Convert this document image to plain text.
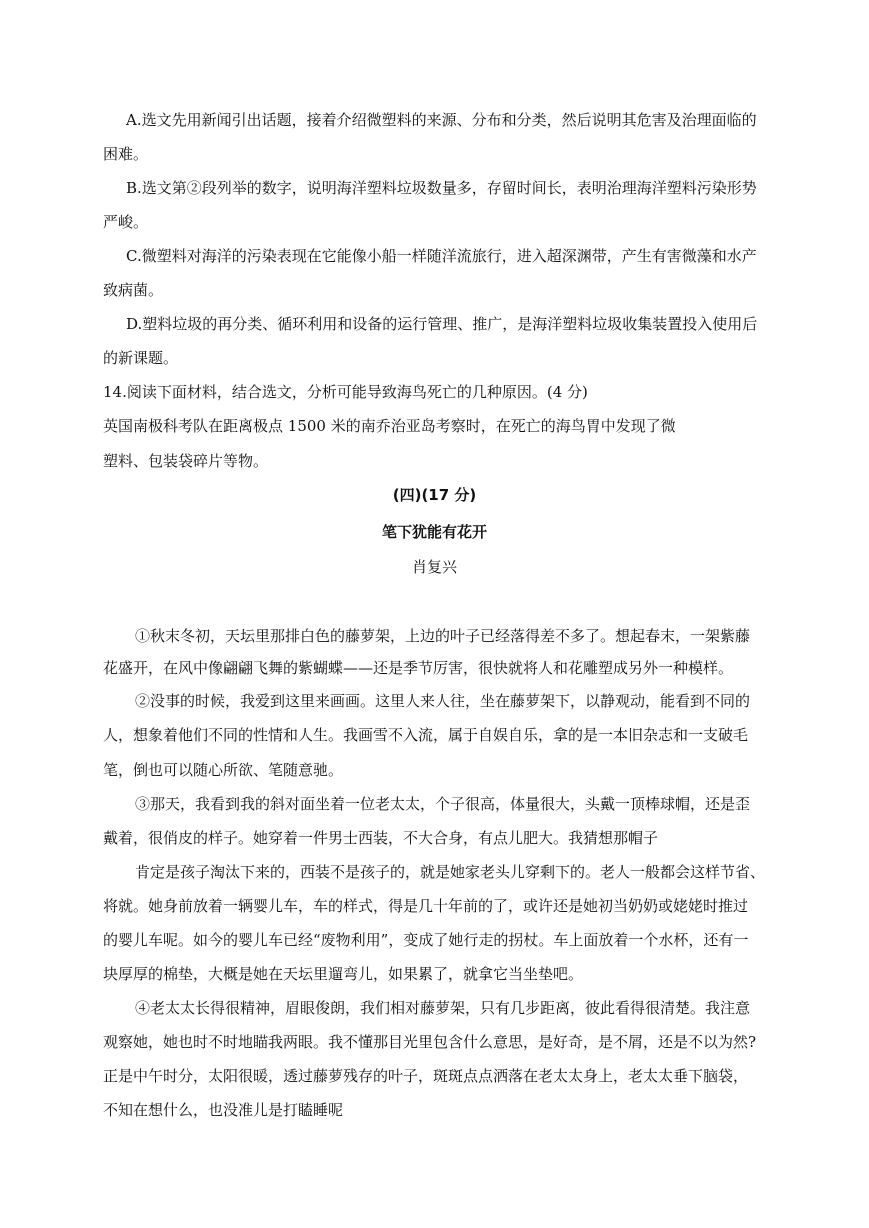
A.选文先用新闻引出话题，接着介绍微塑料的来源、分布和分类，然后说明其危害及治理面临的
困难。
B.选文第②段列举的数字，说明海洋塑料垃圾数量多，存留时间长，表明治理海洋塑料污染形势
严峻。
C.微塑料对海洋的污染表现在它能像小船一样随洋流旅行，进入超深渊带，产生有害微藻和水产
致病菌。
D.塑料垃圾的再分类、循环利用和设备的运行管理、推广，是海洋塑料垃圾收集装置投入使用后
的新课题。
14.阅读下面材料，结合选文，分析可能导致海鸟死亡的几种原因。(4 分)
英国南极科考队在距离极点 1500 米的南乔治亚岛考察时，在死亡的海鸟胃中发现了微
塑料、包装袋碎片等物。
(四)(17 分)
笔下犹能有花开
肖复兴
①秋末冬初，天坛里那排白色的藤萝架，上边的叶子已经落得差不多了。想起春末，一架紫藤
花盛开，在风中像翩翩飞舞的紫蝴蝶——还是季节厉害，很快就将人和花雕塑成另外一种模样。
②没事的时候，我爱到这里来画画。这里人来人往，坐在藤萝架下，以静观动，能看到不同的
人，想象着他们不同的性情和人生。我画雪不入流，属于自娱自乐，拿的是一本旧杂志和一支破毛
笔，倒也可以随心所欲、笔随意驰。
③那天，我看到我的斜对面坐着一位老太太，个子很高，体量很大，头戴一顶棒球帽，还是歪
戴着，很俏皮的样子。她穿着一件男士西装，不大合身，有点儿肥大。我猜想那帽子
肯定是孩子淘汰下来的，西装不是孩子的，就是她家老头儿穿剩下的。老人一般都会这样节省、
将就。她身前放着一辆婴儿车，车的样式，得是几十年前的了，或许还是她初当奶奶或姥姥时推过
的婴儿车呢。如今的婴儿车已经“废物利用”，变成了她行走的拐杖。车上面放着一个水杯，还有一
块厚厚的棉垫，大概是她在天坛里遛弯儿，如果累了，就拿它当坐垫吧。
④老太太长得很精神，眉眼俊朗，我们相对藤萝架，只有几步距离，彼此看得很清楚。我注意
观察她，她也时不时地瞄我两眼。我不懂那目光里包含什么意思，是好奇，是不屑，还是不以为然?
正是中午时分，太阳很暖，透过藤萝残存的叶子，斑斑点点洒落在老太太身上，老太太垂下脑袋，
不知在想什么，也没准儿是打瞌睡呢
